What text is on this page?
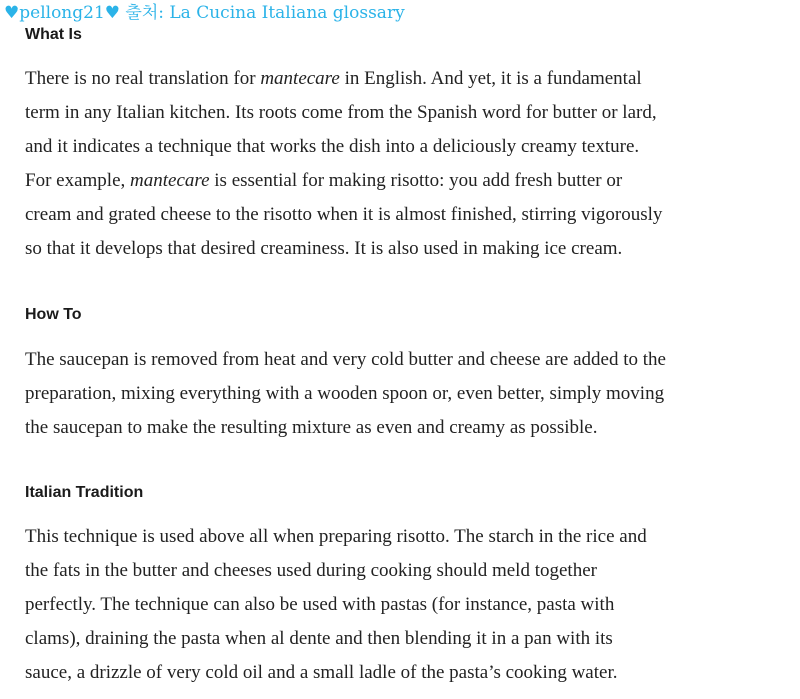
♥pellong21♥ 출처: La Cucina Italiana glossary
What Is
There is no real translation for mantecare in English. And yet, it is a fundamental
term in any Italian kitchen. Its roots come from the Spanish word for butter or lard,
and it indicates a technique that works the dish into a deliciously creamy texture.
For example, mantecare is essential for making risotto: you add fresh butter or
cream and grated cheese to the risotto when it is almost finished, stirring vigorously
so that it develops that desired creaminess. It is also used in making ice cream.
How To
The saucepan is removed from heat and very cold butter and cheese are added to the
preparation, mixing everything with a wooden spoon or, even better, simply moving
the saucepan to make the resulting mixture as even and creamy as possible.
Italian Tradition
This technique is used above all when preparing risotto. The starch in the rice and
the fats in the butter and cheeses used during cooking should meld together
perfectly. The technique can also be used with pastas (for instance, pasta with
clams), draining the pasta when al dente and then blending it in a pan with its
sauce, a drizzle of very cold oil and a small ladle of the pasta’s cooking water.
